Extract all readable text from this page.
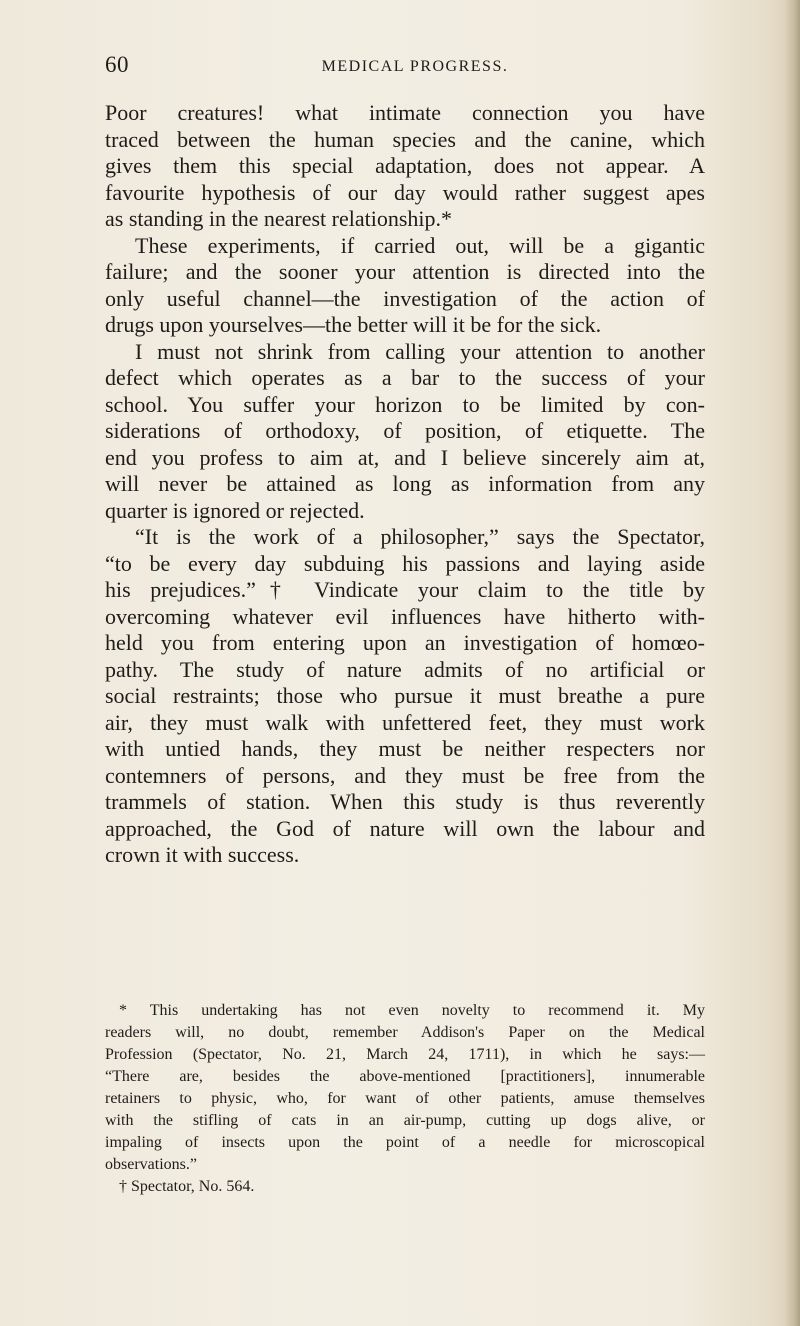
60	MEDICAL PROGRESS.
Poor creatures! what intimate connection you have
traced between the human species and the canine, which
gives them this special adaptation, does not appear. A
favourite hypothesis of our day would rather suggest apes
as standing in the nearest relationship.*
These experiments, if carried out, will be a gigantic
failure; and the sooner your attention is directed into the
only useful channel—the investigation of the action of
drugs upon yourselves—the better will it be for the sick.
I must not shrink from calling your attention to another
defect which operates as a bar to the success of your
school. You suffer your horizon to be limited by con-
siderations of orthodoxy, of position, of etiquette. The
end you profess to aim at, and I believe sincerely aim at,
will never be attained as long as information from any
quarter is ignored or rejected.
“It is the work of a philosopher,” says the Spectator,
“to be every day subduing his passions and laying aside
his prejudices.”† Vindicate your claim to the title by
overcoming whatever evil influences have hitherto with-
held you from entering upon an investigation of homœo-
pathy. The study of nature admits of no artificial or
social restraints; those who pursue it must breathe a pure
air, they must walk with unfettered feet, they must work
with untied hands, they must be neither respecters nor
contemners of persons, and they must be free from the
trammels of station. When this study is thus reverently
approached, the God of nature will own the labour and
crown it with success.
* This undertaking has not even novelty to recommend it. My
readers will, no doubt, remember Addison's Paper on the Medical
Profession (Spectator, No. 21, March 24, 1711), in which he says:—
“There are, besides the above-mentioned [practitioners], innumerable
retainers to physic, who, for want of other patients, amuse themselves
with the stifling of cats in an air-pump, cutting up dogs alive, or
impaling of insects upon the point of a needle for microscopical
observations.”
† Spectator, No. 564.
